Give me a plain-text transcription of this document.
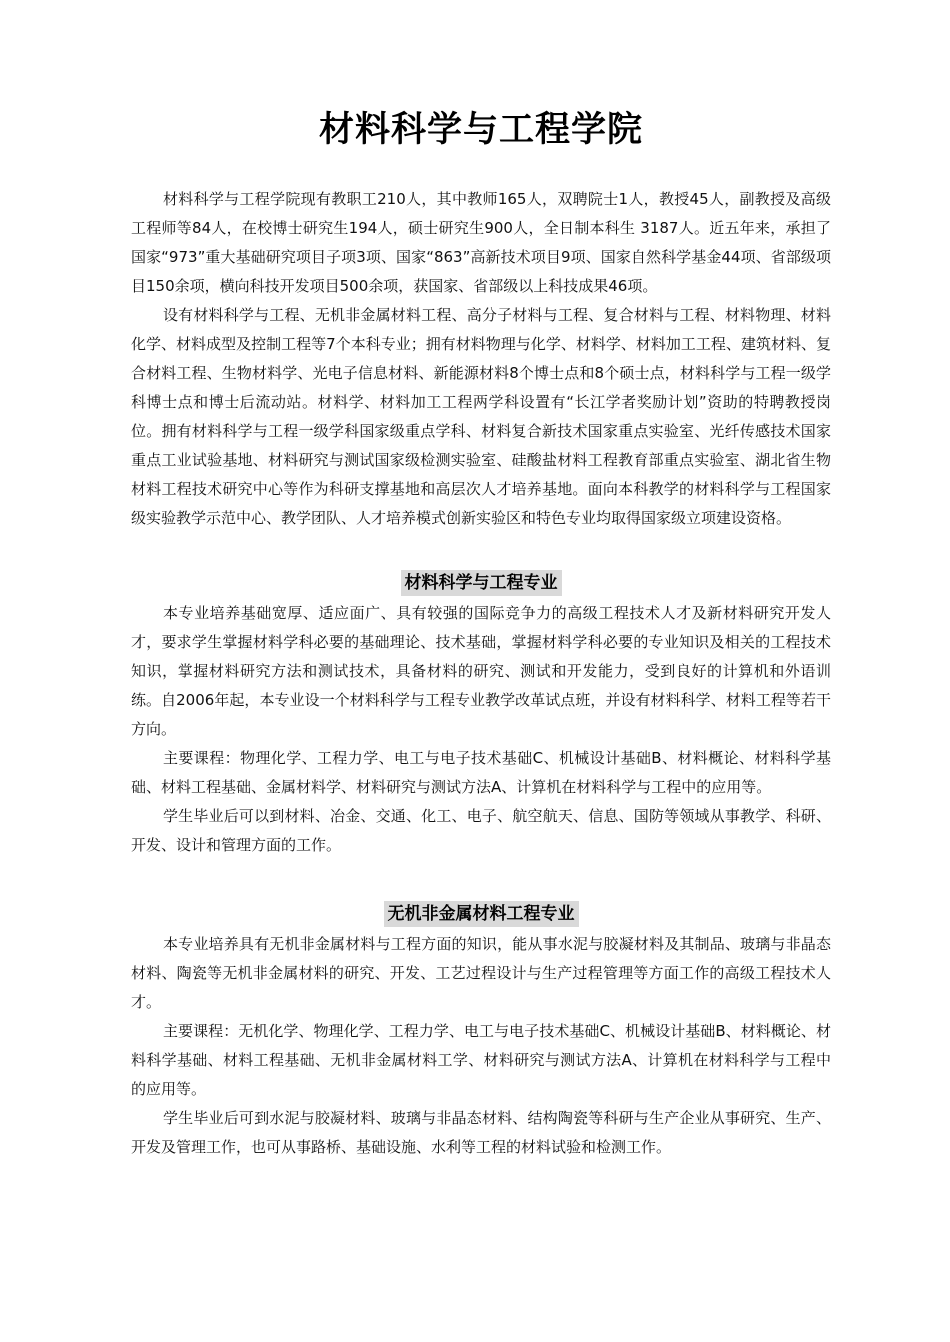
材料科学与工程学院

材料科学与工程学院现有教职工210人，其中教师165人，双聘院士1人，教授45人，副教授及高级工程师等84人，在校博士研究生194人，硕士研究生900人，全日制本科生 3187人。近五年来，承担了国家“973”重大基础研究项目子项3项、国家“863”高新技术项目9项、国家自然科学基金44项、省部级项目150余项，横向科技开发项目500余项，获国家、省部级以上科技成果46项。

设有材料科学与工程、无机非金属材料工程、高分子材料与工程、复合材料与工程、材料物理、材料化学、材料成型及控制工程等7个本科专业；拥有材料物理与化学、材料学、材料加工工程、建筑材料、复合材料工程、生物材料学、光电子信息材料、新能源材料8个博士点和8个硕士点，材料科学与工程一级学科博士点和博士后流动站。材料学、材料加工工程两学科设置有“长江学者奖励计划”资助的特聘教授岗位。拥有材料科学与工程一级学科国家级重点学科、材料复合新技术国家重点实验室、光纤传感技术国家重点工业试验基地、材料研究与测试国家级检测实验室、硅酸盐材料工程教育部重点实验室、湖北省生物材料工程技术研究中心等作为科研支撑基地和高层次人才培养基地。面向本科教学的材料科学与工程国家级实验教学示范中心、教学团队、人才培养模式创新实验区和特色专业均取得国家级立项建设资格。

材料科学与工程专业

本专业培养基础宽厚、适应面广、具有较强的国际竞争力的高级工程技术人才及新材料研究开发人才，要求学生掌握材料学科必要的基础理论、技术基础，掌握材料学科必要的专业知识及相关的工程技术知识，掌握材料研究方法和测试技术，具备材料的研究、测试和开发能力，受到良好的计算机和外语训练。自2006年起，本专业设一个材料科学与工程专业教学改革试点班，并设有材料科学、材料工程等若干方向。

主要课程：物理化学、工程力学、电工与电子技术基础C、机械设计基础B、材料概论、材料科学基础、材料工程基础、金属材料学、材料研究与测试方法A、计算机在材料科学与工程中的应用等。

学生毕业后可以到材料、冶金、交通、化工、电子、航空航天、信息、国防等领域从事教学、科研、开发、设计和管理方面的工作。

无机非金属材料工程专业

本专业培养具有无机非金属材料与工程方面的知识，能从事水泥与胶凝材料及其制品、玻璃与非晶态材料、陶瓷等无机非金属材料的研究、开发、工艺过程设计与生产过程管理等方面工作的高级工程技术人才。

主要课程：无机化学、物理化学、工程力学、电工与电子技术基础C、机械设计基础B、材料概论、材料科学基础、材料工程基础、无机非金属材料工学、材料研究与测试方法A、计算机在材料科学与工程中的应用等。

学生毕业后可到水泥与胶凝材料、玻璃与非晶态材料、结构陶瓷等科研与生产企业从事研究、生产、开发及管理工作，也可从事路桥、基础设施、水利等工程的材料试验和检测工作。
